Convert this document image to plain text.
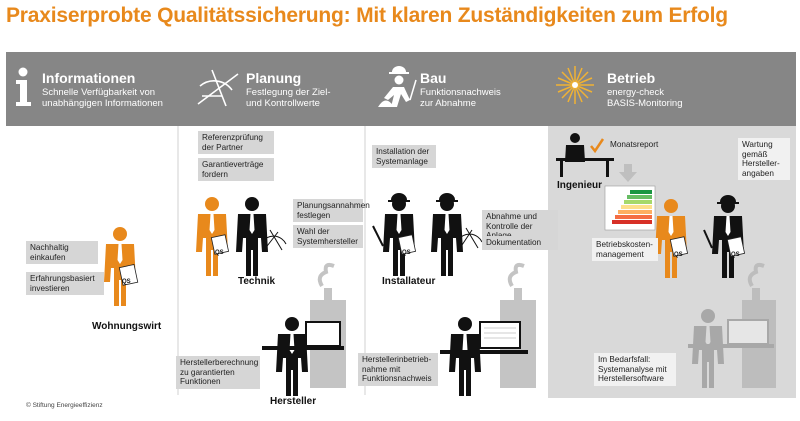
Praxiserprobte Qualitätssicherung: Mit klaren Zuständigkeiten zum Erfolg
Informationen
Schnelle Verfügbarkeit von
unabhängigen Informationen
Planung
Festlegung der Ziel-
und Kontrollwerte
Bau
Funktionsnachweis
zur Abnahme
Betrieb
energy-check
BASIS-Monitoring
QS
QS	QS	QS	QS
Nachhaltig
einkaufen
Erfahrungsbasiert
investieren
Referenzprüfung
der Partner
Garantieverträge
fordern
Planungsannahmen
festlegen
Wahl der
Systemhersteller
Installation der
Systemanlage
Abnahme und
Kontrolle der
Dokumentation
Monatsreport	Wartung
gemäß
Hersteller-
angaben
Betriebskosten-
management
Im Bedarfsfall:
Systemanalyse mit
Herstellersoftware
Herstellerberechnung
zu garantierten
Funktionen
Herstellerinbetrieb-
nahme mit
Funktionsnachweis
Wohnungswirt
Technik	Installateur
Ingenieur
Hersteller
© Stiftung Energieeffizienz
